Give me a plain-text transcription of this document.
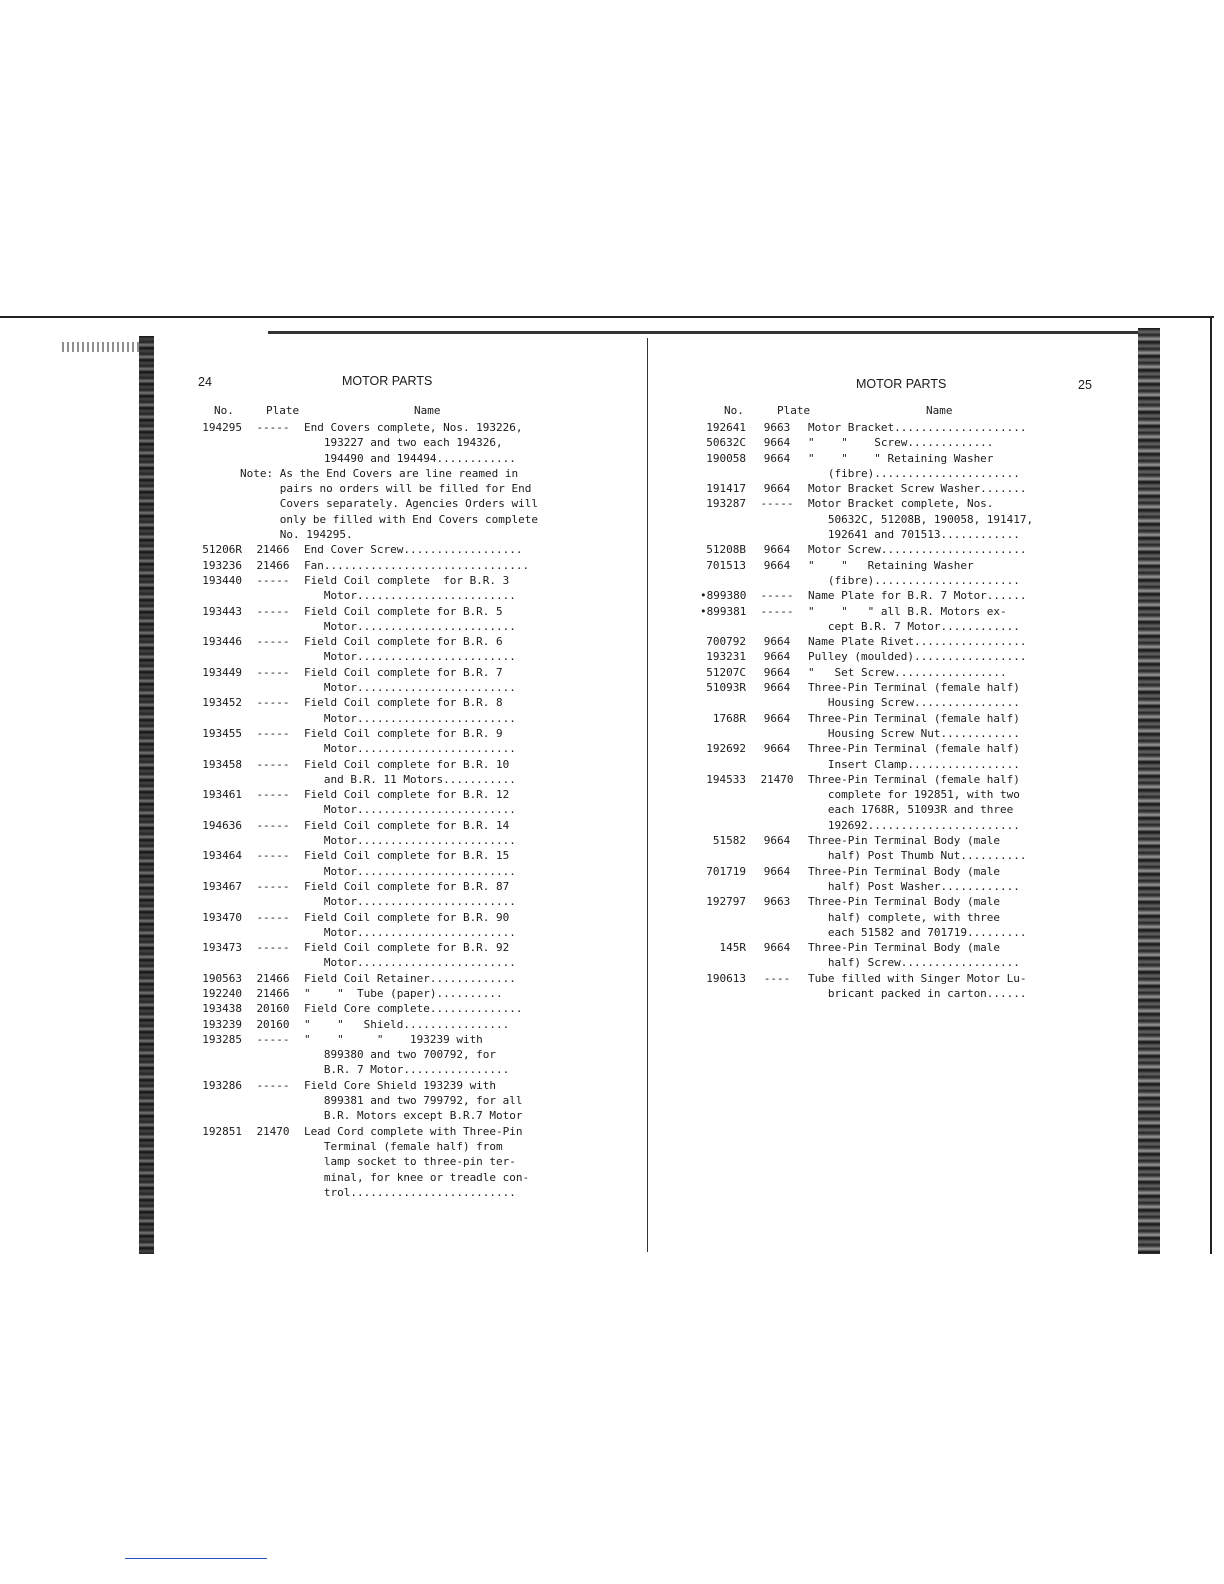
24	MOTOR PARTS
No.	Plate	Name
194295	-----	End Covers complete, Nos. 193226,
193227 and two each 194326,
194490 and 194494............
Note: As the End Covers are line reamed in
pairs no orders will be filled for End
Covers separately. Agencies Orders will
only be filled with End Covers complete
No. 194295.
51206R	21466	End Cover Screw..................
193236	21466	Fan...............................
193440	-----	Field Coil complete  for B.R. 3
Motor........................
193443	-----	Field Coil complete for B.R. 5
Motor........................
193446	-----	Field Coil complete for B.R. 6
Motor........................
193449	-----	Field Coil complete for B.R. 7
Motor........................
193452	-----	Field Coil complete for B.R. 8
Motor........................
193455	-----	Field Coil complete for B.R. 9
Motor........................
193458	-----	Field Coil complete for B.R. 10
and B.R. 11 Motors...........
193461	-----	Field Coil complete for B.R. 12
Motor........................
194636	-----	Field Coil complete for B.R. 14
Motor........................
193464	-----	Field Coil complete for B.R. 15
Motor........................
193467	-----	Field Coil complete for B.R. 87
Motor........................
193470	-----	Field Coil complete for B.R. 90
Motor........................
193473	-----	Field Coil complete for B.R. 92
Motor........................
190563	21466	Field Coil Retainer.............
192240	21466	"    "  Tube (paper)..........
193438	20160	Field Core complete..............
193239	20160	"    "   Shield................
193285	-----	"    "     "    193239 with
899380 and two 700792, for
B.R. 7 Motor................
193286	-----	Field Core Shield 193239 with
899381 and two 799792, for all
B.R. Motors except B.R.7 Motor
192851	21470	Lead Cord complete with Three-Pin
Terminal (female half) from
lamp socket to three-pin ter-
minal, for knee or treadle con-
trol.........................
MOTOR PARTS	25
No.	Plate	Name
192641	9663	Motor Bracket....................
50632C	9664	"    "    Screw.............
190058	9664	"    "    " Retaining Washer
(fibre)......................
191417	9664	Motor Bracket Screw Washer.......
193287	-----	Motor Bracket complete, Nos.
50632C, 51208B, 190058, 191417,
192641 and 701513............
51208B	9664	Motor Screw......................
701513	9664	"    "   Retaining Washer
(fibre)......................
•899380	-----	Name Plate for B.R. 7 Motor......
•899381	-----	"    "   " all B.R. Motors ex-
cept B.R. 7 Motor............
700792	9664	Name Plate Rivet.................
193231	9664	Pulley (moulded).................
51207C	9664	"   Set Screw.................
51093R	9664	Three-Pin Terminal (female half)
Housing Screw................
1768R	9664	Three-Pin Terminal (female half)
Housing Screw Nut............
192692	9664	Three-Pin Terminal (female half)
Insert Clamp.................
194533	21470	Three-Pin Terminal (female half)
complete for 192851, with two
each 1768R, 51093R and three
192692.......................
51582	9664	Three-Pin Terminal Body (male
half) Post Thumb Nut..........
701719	9664	Three-Pin Terminal Body (male
half) Post Washer............
192797	9663	Three-Pin Terminal Body (male
half) complete, with three
each 51582 and 701719.........
145R	9664	Three-Pin Terminal Body (male
half) Screw..................
190613	----	Tube filled with Singer Motor Lu-
bricant packed in carton......
